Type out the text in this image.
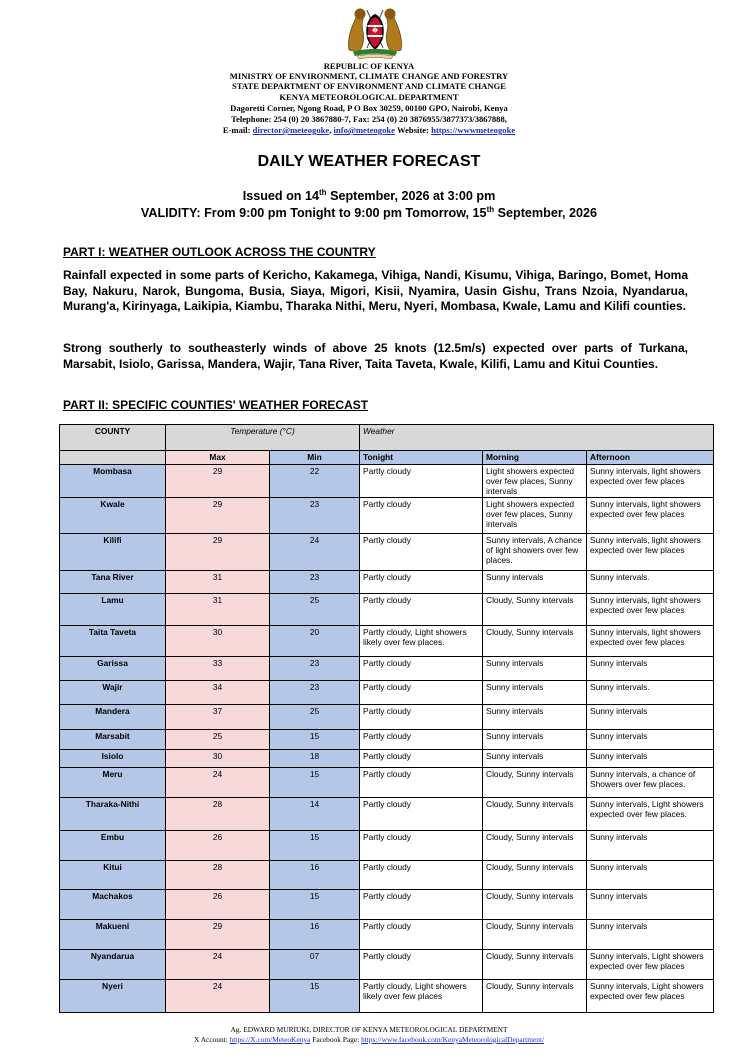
REPUBLIC OF KENYA
MINISTRY OF ENVIRONMENT, CLIMATE CHANGE AND FORESTRY
STATE DEPARTMENT OF ENVIRONMENT AND CLIMATE CHANGE
KENYA METEOROLOGICAL DEPARTMENT
Dagoretti Corner, Ngong Road, P O Box 30259, 00100 GPO, Nairobi, Kenya
Telephone: 254 (0) 20 3867880-7, Fax: 254 (0) 20 3876955/3877373/3867888,
E-mail: director@meteogoke, info@meteogoke Website: https://wwwmeteogoke
DAILY WEATHER FORECAST
Issued on 14th September, 2026 at 3:00 pm
VALIDITY: From 9:00 pm Tonight to 9:00 pm Tomorrow, 15th September, 2026
PART I: WEATHER OUTLOOK ACROSS THE COUNTRY
Rainfall expected in some parts of Kericho, Kakamega, Vihiga, Nandi, Kisumu, Vihiga, Baringo, Bomet, Homa Bay, Nakuru, Narok, Bungoma, Busia, Siaya, Migori, Kisii, Nyamira, Uasin Gishu, Trans Nzoia, Nyandarua, Murang'a, Kirinyaga, Laikipia, Kiambu, Tharaka Nithi, Meru, Nyeri, Mombasa, Kwale, Lamu and Kilifi counties.
Strong southerly to southeasterly winds of above 25 knots (12.5m/s) expected over parts of Turkana, Marsabit, Isiolo, Garissa, Mandera, Wajir, Tana River, Taita Taveta, Kwale, Kilifi, Lamu and Kitui Counties.
PART II: SPECIFIC COUNTIES' WEATHER FORECAST
COUNTY	Temperature (°C)		Weather		
	Max	Min	Tonight	Morning	Afternoon
Mombasa	29	22	Partly cloudy	Light showers expected over few places, Sunny intervals	Sunny intervals, light showers expected over few places
Kwale	29	23	Partly cloudy	Light showers expected over few places, Sunny intervals	Sunny intervals, light showers expected over few places
Kilifi	29	24	Partly cloudy	Sunny intervals, A chance of light showers over few places.	Sunny intervals, light showers expected over few places
Tana River	31	23	Partly cloudy	Sunny intervals	Sunny intervals.
Lamu	31	25	Partly cloudy	Cloudy, Sunny intervals	Sunny intervals, light showers expected over few places
Taita Taveta	30	20	Partly cloudy, Light showers likely over few places.	Cloudy, Sunny intervals	Sunny intervals, light showers expected over few places
Garissa	33	23	Partly cloudy	Sunny intervals	Sunny intervals
Wajir	34	23	Partly cloudy	Sunny intervals	Sunny intervals.
Mandera	37	25	Partly cloudy	Sunny intervals	Sunny intervals
Marsabit	25	15	Partly cloudy	Sunny intervals	Sunny intervals
Isiolo	30	18	Partly cloudy	Sunny intervals	Sunny intervals
Meru	24	15	Partly cloudy	Cloudy, Sunny intervals	Sunny intervals, a chance of Showers over few places.
Tharaka-Nithi	28	14	Partly cloudy	Cloudy, Sunny intervals	Sunny intervals, Light showers expected over few places.
Embu	26	15	Partly cloudy	Cloudy, Sunny intervals	Sunny intervals
Kitui	28	16	Partly cloudy	Cloudy, Sunny intervals	Sunny intervals
Machakos	26	15	Partly cloudy	Cloudy, Sunny intervals	Sunny intervals
Makueni	29	16	Partly cloudy	Cloudy, Sunny intervals	Sunny intervals
Nyandarua	24	07	Partly cloudy	Cloudy, Sunny intervals	Sunny intervals, Light showers expected over few places
Nyeri	24	15	Partly cloudy, Light showers likely over few places	Cloudy, Sunny intervals	Sunny intervals, Light showers expected over few places
Ag. EDWARD MURIUKI, DIRECTOR OF KENYA METEOROLOGICAL DEPARTMENT
X Account: https://X.com/MeteoKenya Facebook Page: https://www.facebook.com/KenyaMeteorologicalDepartment/
